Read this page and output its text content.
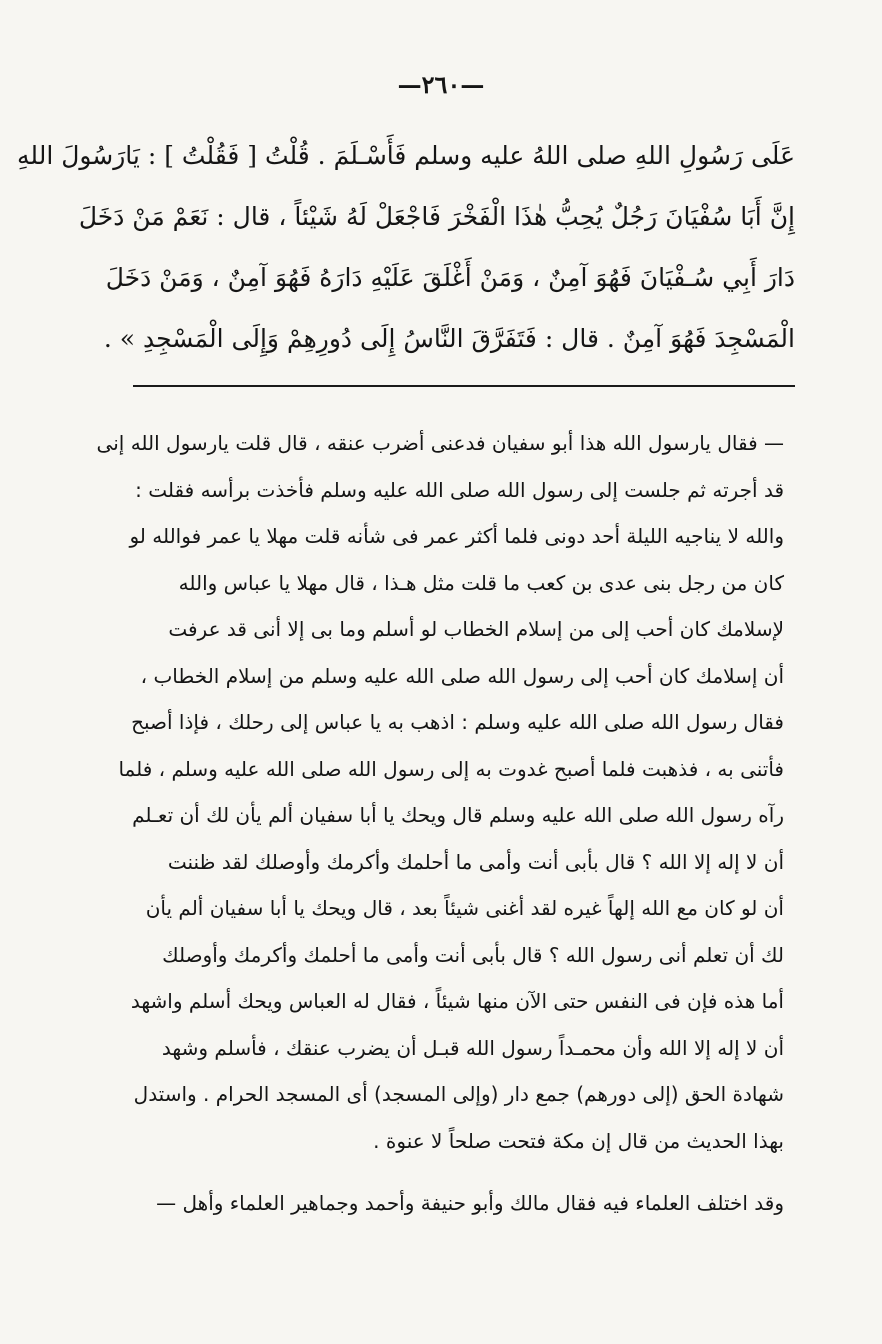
—٢٦٠—
عَلَى رَسُولِ اللهِ صلى اللهُ عليه وسلم فَأَسْـلَمَ . قُلْتُ [ فَقُلْتُ ] : يَارَسُولَ اللهِ
إِنَّ أَبَا سُفْيَانَ رَجُلٌ يُحِبُّ هٰذَا الْفَخْرَ فَاجْعَلْ لَهُ شَيْئاً ، قال : نَعَمْ مَنْ دَخَلَ
دَارَ أَبِي سُـفْيَانَ فَهُوَ آمِنٌ ، وَمَنْ أَغْلَقَ عَلَيْهِ دَارَهُ فَهُوَ آمِنٌ ، وَمَنْ دَخَلَ
الْمَسْجِدَ فَهُوَ آمِنٌ . قال : فَتَفَرَّقَ النَّاسُ إِلَى دُورِهِمْ وَإِلَى الْمَسْجِدِ » .
— فقال يارسول الله هذا أبو سفيان فدعنى أضرب عنقه ، قال قلت يارسول الله إنى
قد أجرته ثم جلست إلى رسول الله صلى الله عليه وسلم فأخذت برأسه فقلت :
والله لا يناجيه الليلة أحد دونى فلما أكثر عمر فى شأنه قلت مهلا يا عمر فوالله لو
كان من رجل بنى عدى بن كعب ما قلت مثل هـذا ، قال مهلا يا عباس والله
لإسلامك كان أحب إلى من إسلام الخطاب لو أسلم وما بى إلا أنى قد عرفت
أن إسلامك كان أحب إلى رسول الله صلى الله عليه وسلم من إسلام الخطاب ،
فقال رسول الله صلى الله عليه وسلم : اذهب به يا عباس إلى رحلك ، فإذا أصبح
فأتنى به ، فذهبت فلما أصبح غدوت به إلى رسول الله صلى الله عليه وسلم ، فلما
رآه رسول الله صلى الله عليه وسلم قال ويحك يا أبا سفيان ألم يأن لك أن تعـلم
أن لا إله إلا الله ؟ قال بأبى أنت وأمى ما أحلمك وأكرمك وأوصلك لقد ظننت
أن لو كان مع الله إلهاً غيره لقد أغنى شيئاً بعد ، قال ويحك يا أبا سفيان ألم يأن
لك أن تعلم أنى رسول الله ؟ قال بأبى أنت وأمى ما أحلمك وأكرمك وأوصلك
أما هذه فإن فى النفس حتى الآن منها شيئاً ، فقال له العباس ويحك أسلم واشهد
أن لا إله إلا الله وأن محمـداً رسول الله قبـل أن يضرب عنقك ، فأسلم وشهد
شهادة الحق (إلى دورهم) جمع دار (وإلى المسجد) أى المسجد الحرام . واستدل
بهذا الحديث من قال إن مكة فتحت صلحاً لا عنوة .
وقد اختلف العلماء فيه فقال مالك وأبو حنيفة وأحمد وجماهير العلماء وأهل —
